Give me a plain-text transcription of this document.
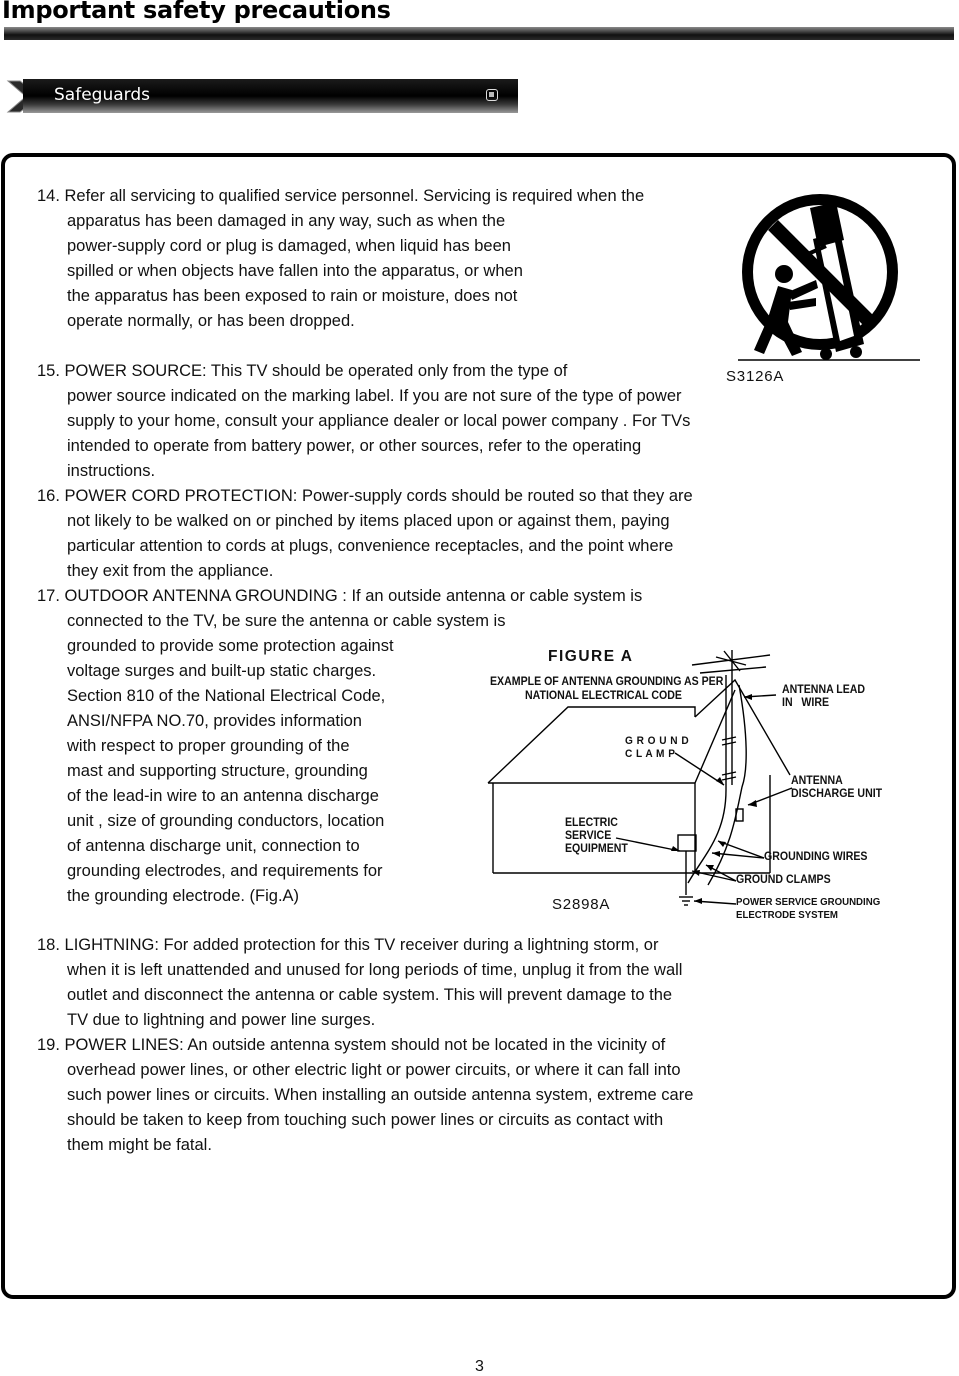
Important safety precautions
Safeguards
14. Refer all servicing to qualified service personnel. Servicing is required when the
apparatus has been damaged in any way, such as when the
power-supply cord or plug is damaged, when liquid has been
spilled or when objects have fallen into the apparatus, or when
the apparatus has been exposed to rain or moisture, does not
operate normally, or has been dropped.
15. POWER SOURCE: This TV should be operated only from the type of
power source indicated on the marking label. If you are not sure of the type of power
supply to your home, consult your appliance dealer or local power company . For TVs
intended to operate from battery power, or other sources, refer to the operating
instructions.
16. POWER CORD PROTECTION: Power-supply cords should be routed so that they are
not likely to be walked on or pinched by items placed upon or against them, paying
particular attention to cords at plugs, convenience receptacles, and the point where
they exit from the appliance.
17. OUTDOOR ANTENNA GROUNDING : If an outside antenna or cable system is
connected to the TV, be sure the antenna or cable system is
grounded to provide some protection against
voltage surges and built-up static charges.
Section 810 of the National Electrical Code,
ANSI/NFPA NO.70, provides information
with respect to proper grounding of the
mast and supporting structure, grounding
of the lead-in wire to an antenna discharge
unit , size of grounding conductors, location
of antenna discharge unit, connection to
grounding electrodes, and requirements for
the grounding electrode. (Fig.A)
18. LIGHTNING: For added protection for this TV receiver during a lightning storm, or
when it is left unattended and unused for long periods of time, unplug it from the wall
outlet and disconnect the antenna or cable system. This will prevent damage to the
TV due to lightning and power line surges.
19. POWER LINES: An outside antenna system should not be located in the vicinity of
overhead power lines, or other electric light or power circuits, or where it can fall into
such power lines or circuits. When installing an outside antenna system, extreme care
should be taken to keep from touching such power lines or circuits as contact with
them might be fatal.
S3126A
FIGURE A
EXAMPLE OF ANTENNA GROUNDING AS PER
NATIONAL ELECTRICAL CODE	ANTENNA LEAD
IN   WIRE
G R O U N D
C L A M P
ANTENNA
DISCHARGE UNIT
ELECTRIC
SERVICE
EQUIPMENT
GROUNDING WIRES
GROUND CLAMPS
POWER SERVICE GROUNDING
ELECTRODE SYSTEM
S2898A
3
